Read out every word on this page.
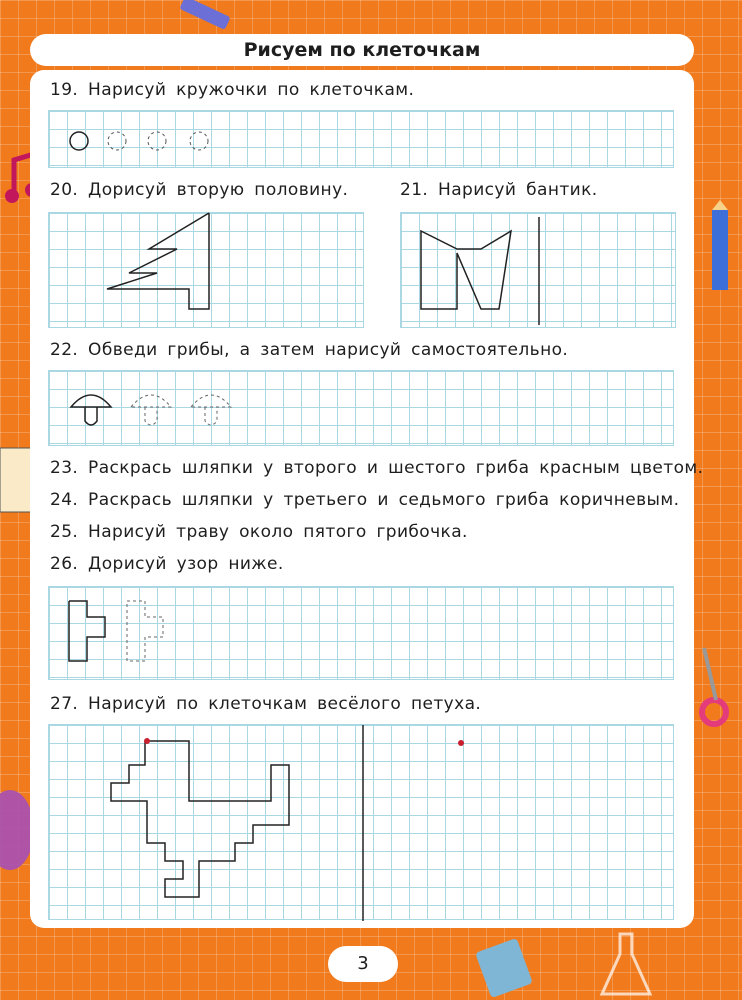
Рисуем по клеточкам
19. Нарисуй кружочки по клеточкам.
20. Дорисуй вторую половину.	21. Нарисуй бантик.
22. Обведи грибы, а затем нарисуй самостоятельно.
23. Раскрась шляпки у второго и шестого гриба красным цветом.
24. Раскрась шляпки у третьего и седьмого гриба коричневым.
25. Нарисуй траву около пятого грибочка.
26. Дорисуй узор ниже.
27. Нарисуй по клеточкам весёлого петуха.
3
